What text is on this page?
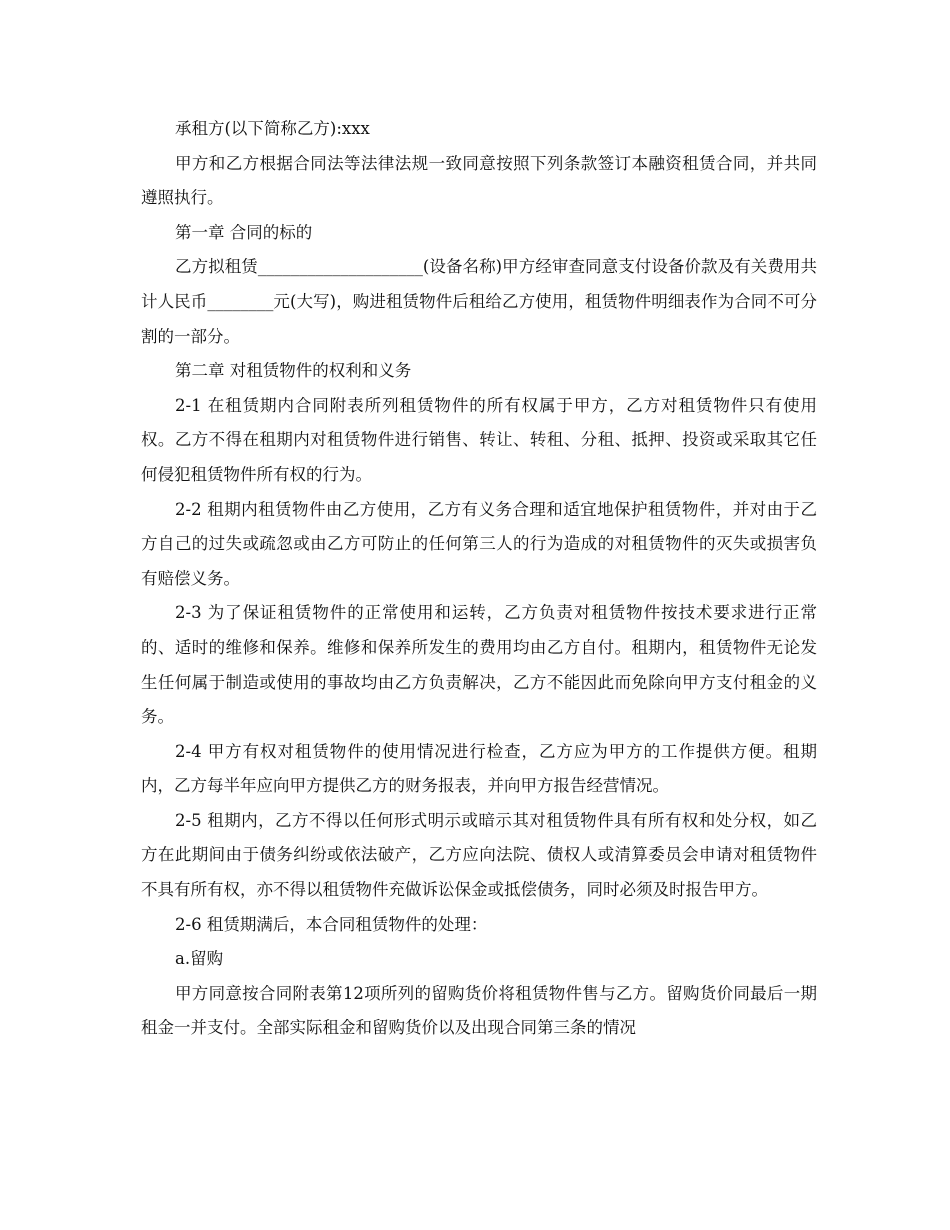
承租方(以下简称乙方):xxx

甲方和乙方根据合同法等法律法规一致同意按照下列条款签订本融资租赁合同，并共同遵照执行。

第一章 合同的标的

乙方拟租赁____________________(设备名称)甲方经审查同意支付设备价款及有关费用共计人民币________元(大写)，购进租赁物件后租给乙方使用，租赁物件明细表作为合同不可分割的一部分。

第二章 对租赁物件的权利和义务

2-1 在租赁期内合同附表所列租赁物件的所有权属于甲方，乙方对租赁物件只有使用权。乙方不得在租期内对租赁物件进行销售、转让、转租、分租、抵押、投资或采取其它任何侵犯租赁物件所有权的行为。

2-2 租期内租赁物件由乙方使用，乙方有义务合理和适宜地保护租赁物件，并对由于乙方自己的过失或疏忽或由乙方可防止的任何第三人的行为造成的对租赁物件的灭失或损害负有赔偿义务。

2-3 为了保证租赁物件的正常使用和运转，乙方负责对租赁物件按技术要求进行正常的、适时的维修和保养。维修和保养所发生的费用均由乙方自付。租期内，租赁物件无论发生任何属于制造或使用的事故均由乙方负责解决，乙方不能因此而免除向甲方支付租金的义务。

2-4 甲方有权对租赁物件的使用情况进行检查，乙方应为甲方的工作提供方便。租期内，乙方每半年应向甲方提供乙方的财务报表，并向甲方报告经营情况。

2-5 租期内，乙方不得以任何形式明示或暗示其对租赁物件具有所有权和处分权，如乙方在此期间由于债务纠纷或依法破产，乙方应向法院、债权人或清算委员会申请对租赁物件不具有所有权，亦不得以租赁物件充做诉讼保金或抵偿债务，同时必须及时报告甲方。

2-6 租赁期满后，本合同租赁物件的处理：

a.留购

甲方同意按合同附表第12项所列的留购货价将租赁物件售与乙方。留购货价同最后一期租金一并支付。全部实际租金和留购货价以及出现合同第三条的情况
